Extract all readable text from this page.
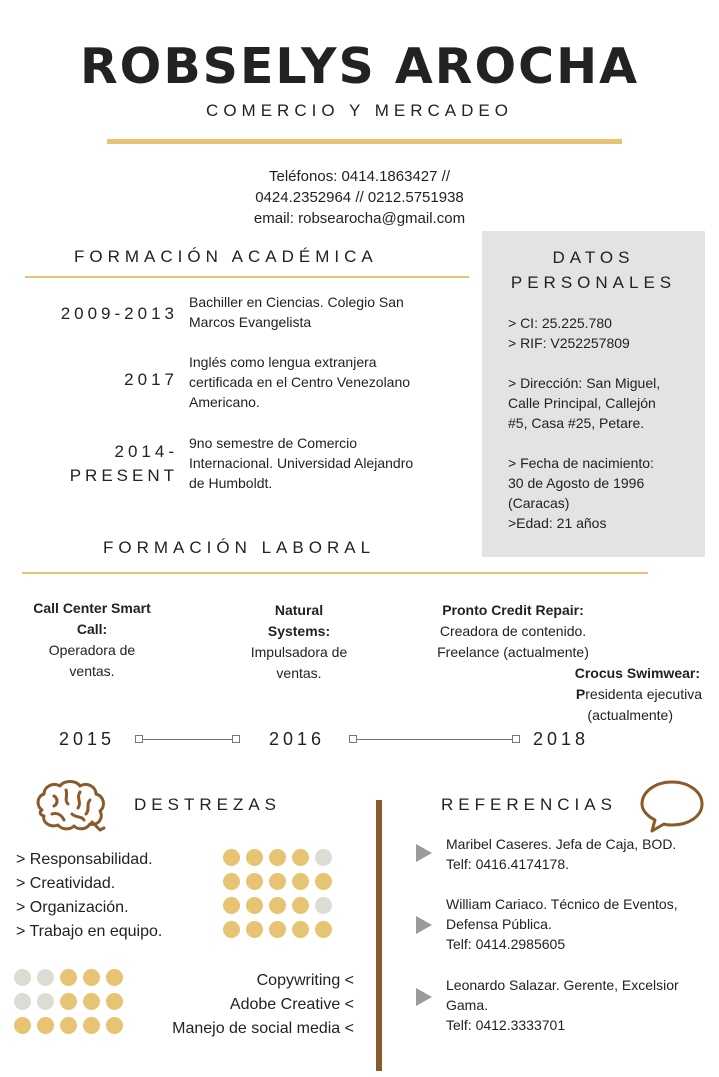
ROBSELYS AROCHA
COMERCIO Y MERCADEO
Teléfonos: 0414.1863427 //
0424.2352964 // 0212.5751938
email: robsearocha@gmail.com
FORMACIÓN ACADÉMICA
2009-2013
Bachiller en Ciencias. Colegio San
Marcos Evangelista
2017
Inglés como lengua extranjera
certificada en el Centro Venezolano
Americano.
2014-
PRESENT
9no semestre de Comercio
Internacional. Universidad Alejandro
de Humboldt.
DATOS
PERSONALES
> CI: 25.225.780
> RIF: V252257809
> Dirección: San Miguel,
Calle Principal, Callejón
#5, Casa #25, Petare.
> Fecha de nacimiento:
30 de Agosto de 1996
(Caracas)
>Edad: 21 años
FORMACIÓN LABORAL
Call Center Smart
Call:
Operadora de
ventas.
Natural
Systems:
Impulsadora de
ventas.
Pronto Credit Repair:
Creadora de contenido.
Freelance (actualmente)
Crocus Swimwear:
Presidenta ejecutiva
(actualmente)
2015	2016	2018
DESTREZAS
> Responsabilidad.
> Creatividad.
> Organización.
> Trabajo en equipo.
Copywriting <
Adobe Creative <
Manejo de social media <
REFERENCIAS
Maribel Caseres. Jefa de Caja, BOD.
Telf: 0416.4174178.
William Cariaco. Técnico de Eventos,
Defensa Pública.
Telf: 0414.2985605
Leonardo Salazar. Gerente, Excelsior
Gama.
Telf: 0412.3333701
